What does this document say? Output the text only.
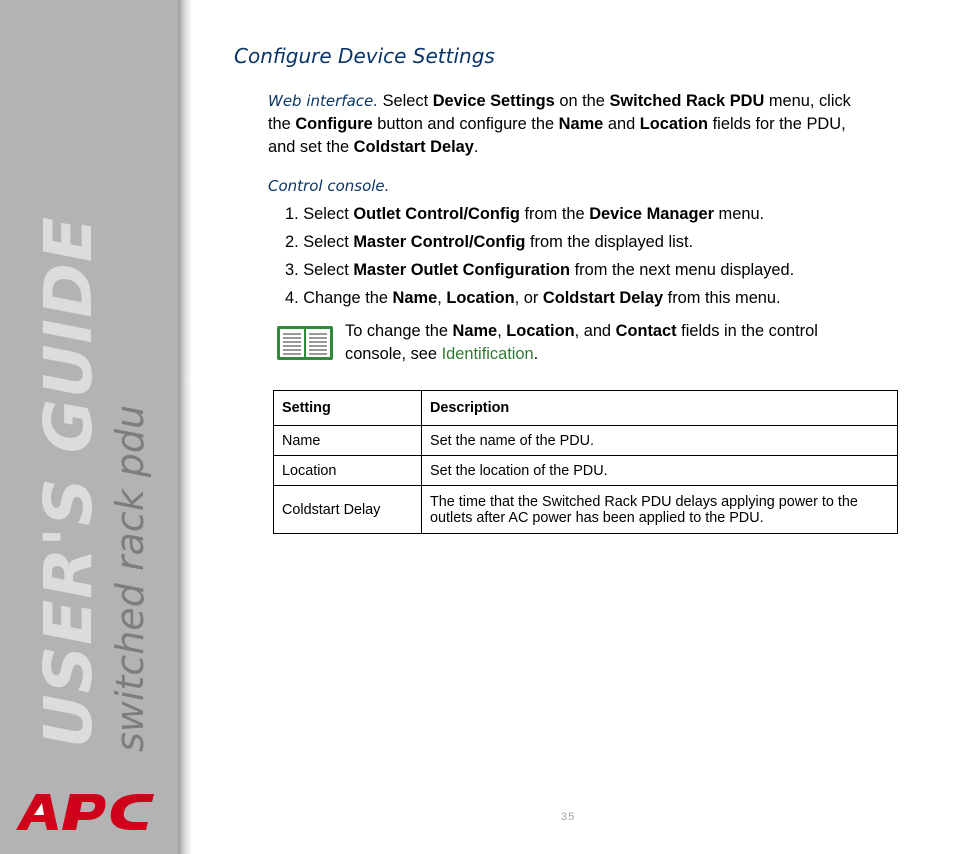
USER'S GUIDE switched rack pdu
®
Configure Device Settings
Web interface. Select Device Settings on the Switched Rack PDU menu, click the Configure button and configure the Name and Location fields for the PDU, and set the Coldstart Delay.
Control console.
1. Select Outlet Control/Config from the Device Manager menu.
2. Select Master Control/Config from the displayed list.
3. Select Master Outlet Configuration from the next menu displayed.
4. Change the Name, Location, or Coldstart Delay from this menu.
To change the Name, Location, and Contact fields in the control console, see Identification.
Setting	Description
Name	Set the name of the PDU.
Location	Set the location of the PDU.
Coldstart Delay	The time that the Switched Rack PDU delays applying power to the outlets after AC power has been applied to the PDU.
35
